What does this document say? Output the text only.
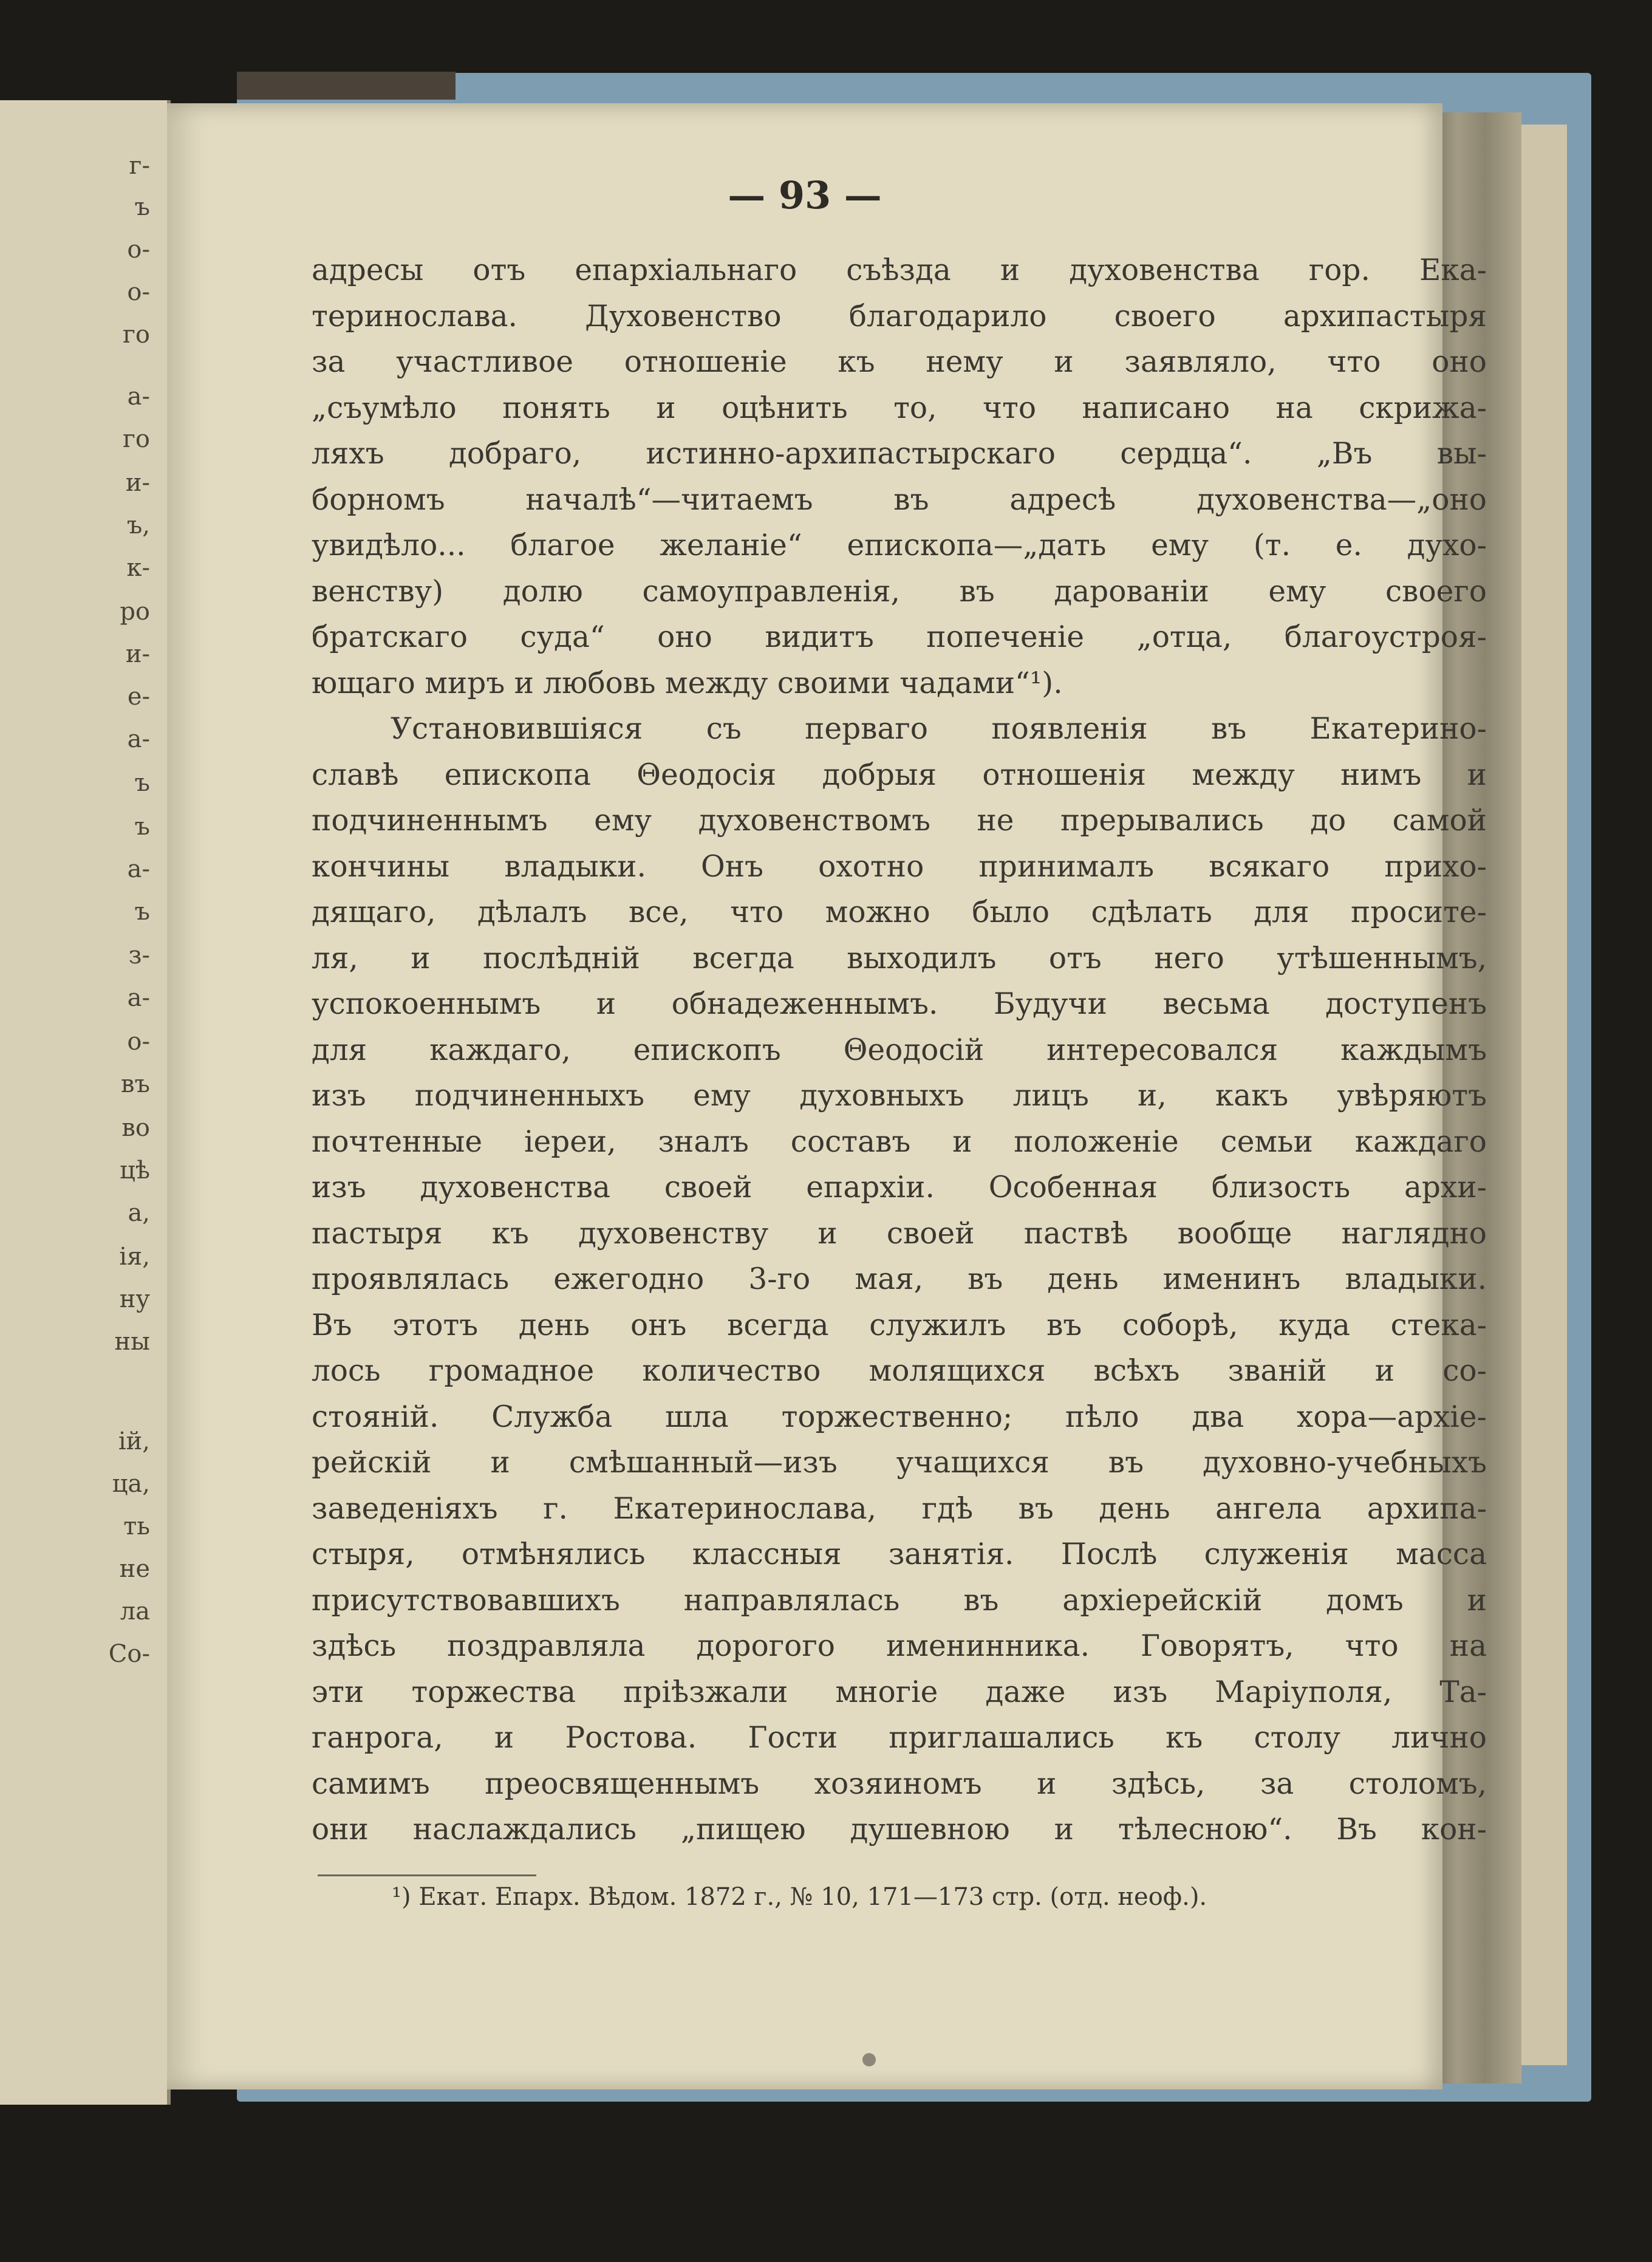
г-
ъ
о-
о-
го
а-
го
и-
ъ,
к-
ро
и-
е-
а-
ъ
ъ
а-
ъ
з-
а-
о-
въ
во
цѣ
а,
ія,
ну
ны
ій,
ца,
ть
не
ла
Со-
— 93 —
адресы отъ епархіальнаго съѣзда и духовенства гор. Ека-
теринослава. Духовенство благодарило своего архипастыря
за участливое отношеніе къ нему и заявляло, что оно
„съумѣло понять и оцѣнить то, что написано на скрижа-
ляхъ добраго, истинно-архипастырскаго сердца“. „Въ вы-
борномъ началѣ“—читаемъ въ адресѣ духовенства—„оно
увидѣло... благое желаніе“ епископа—„дать ему (т. е. духо-
венству) долю самоуправленія, въ дарованіи ему своего
братскаго суда“ оно видитъ попеченіе „отца, благоустроя-
ющаго миръ и любовь между своими чадами“¹).
Установившіяся съ перваго появленія въ Екатерино-
славѣ епископа Θеодосія добрыя отношенія между нимъ и
подчиненнымъ ему духовенствомъ не прерывались до самой
кончины владыки. Онъ охотно принималъ всякаго прихо-
дящаго, дѣлалъ все, что можно было сдѣлать для просите-
ля, и послѣдній всегда выходилъ отъ него утѣшеннымъ,
успокоеннымъ и обнадеженнымъ. Будучи весьма доступенъ
для каждаго, епископъ Θеодосій интересовался каждымъ
изъ подчиненныхъ ему духовныхъ лицъ и, какъ увѣряютъ
почтенные іереи, зналъ составъ и положеніе семьи каждаго
изъ духовенства своей епархіи. Особенная близость архи-
пастыря къ духовенству и своей паствѣ вообще наглядно
проявлялась ежегодно 3-го мая, въ день именинъ владыки.
Въ этотъ день онъ всегда служилъ въ соборѣ, куда стека-
лось громадное количество молящихся всѣхъ званій и со-
стояній. Служба шла торжественно; пѣло два хора—архіе-
рейскій и смѣшанный—изъ учащихся въ духовно-учебныхъ
заведеніяхъ г. Екатеринослава, гдѣ въ день ангела архипа-
стыря, отмѣнялись классныя занятія. Послѣ служенія масса
присутствовавшихъ направлялась въ архіерейскій домъ и
здѣсь поздравляла дорогого именинника. Говорятъ, что на
эти торжества пріѣзжали многіе даже изъ Маріуполя, Та-
ганрога, и Ростова. Гости приглашались къ столу лично
самимъ преосвященнымъ хозяиномъ и здѣсь, за столомъ,
они наслаждались „пищею душевною и тѣлесною“. Въ кон-
¹) Екат. Епарх. Вѣдом. 1872 г., № 10, 171—173 стр. (отд. неоф.).
